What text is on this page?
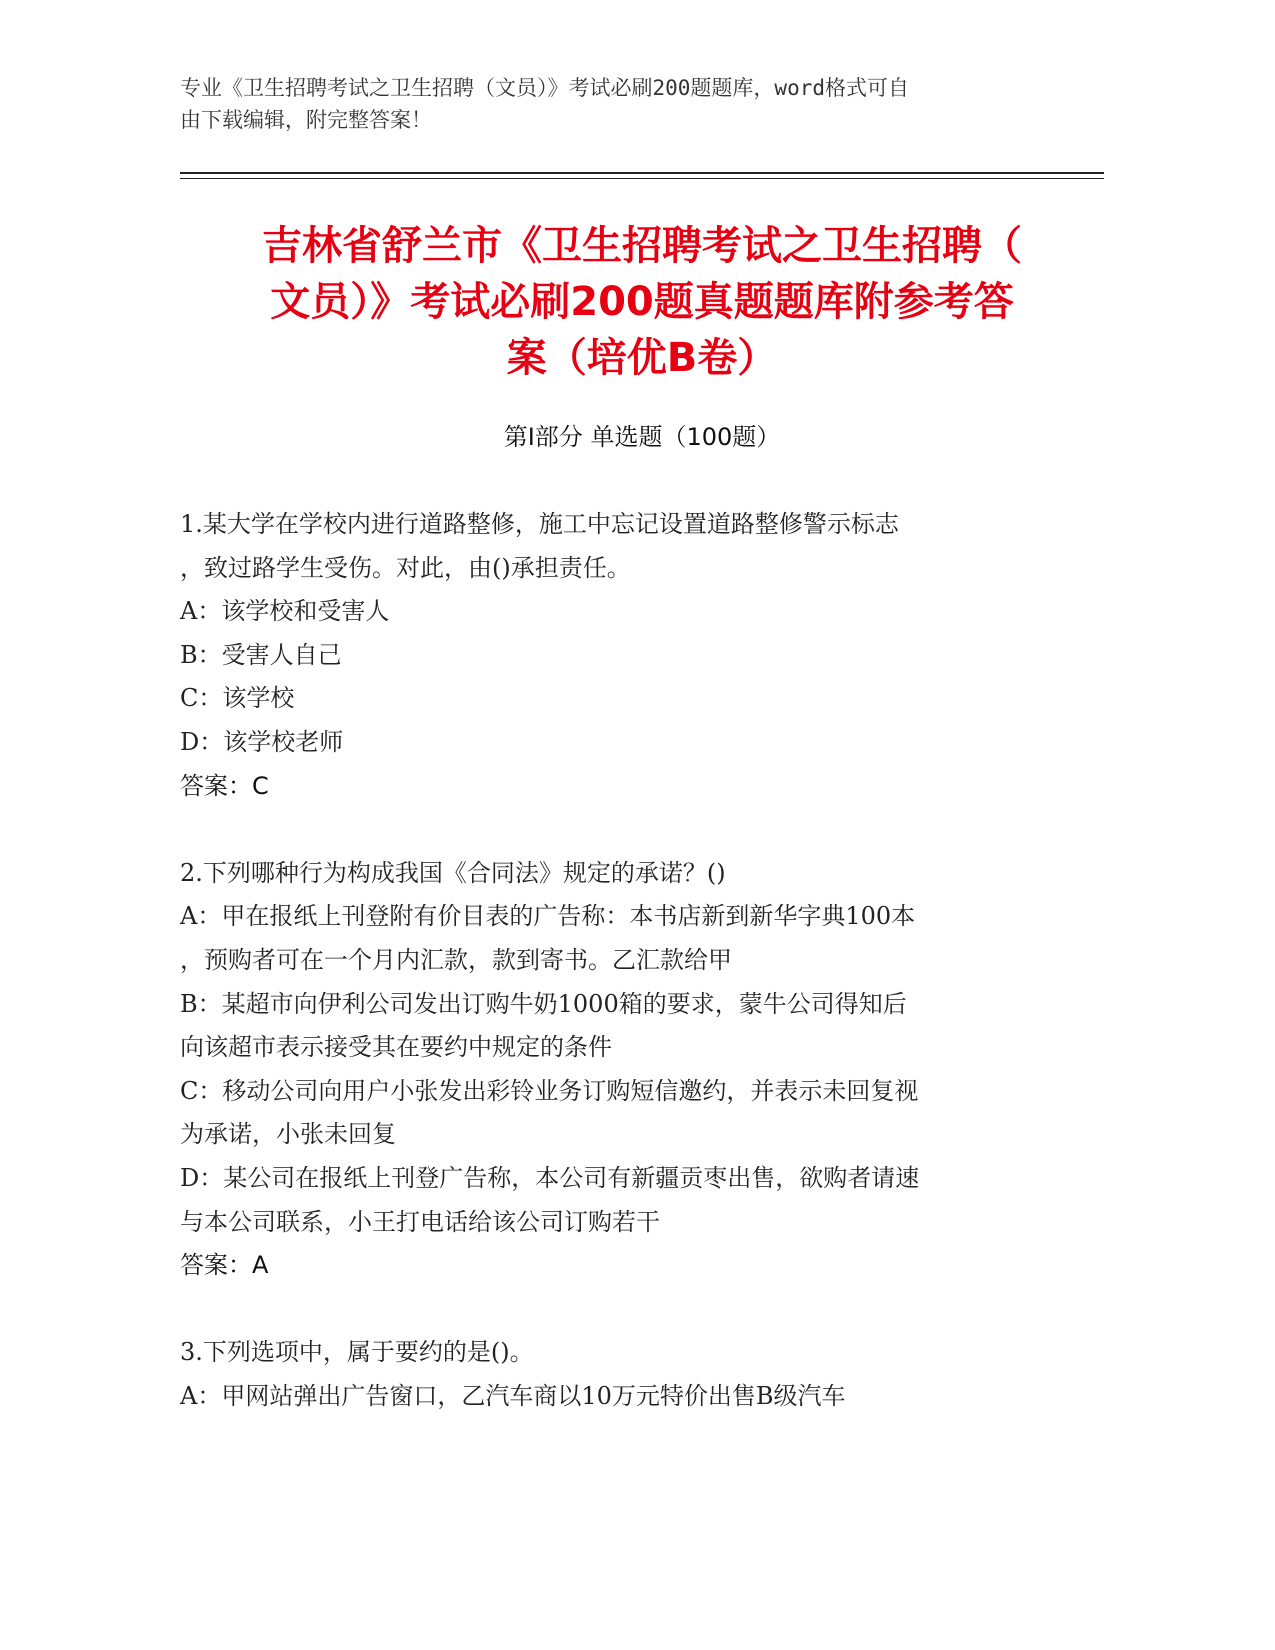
专业《卫生招聘考试之卫生招聘（文员）》考试必刷200题题库，word格式可自
由下载编辑，附完整答案！
吉林省舒兰市《卫生招聘考试之卫生招聘（
文员）》考试必刷200题真题题库附参考答
案（培优B卷）
第I部分 单选题（100题）
1.某大学在学校内进行道路整修，施工中忘记设置道路整修警示标志
，致过路学生受伤。对此，由()承担责任。
A：该学校和受害人
B：受害人自己
C：该学校
D：该学校老师
答案：C
2.下列哪种行为构成我国《合同法》规定的承诺？()
A：甲在报纸上刊登附有价目表的广告称：本书店新到新华字典100本
，预购者可在一个月内汇款，款到寄书。乙汇款给甲
B：某超市向伊利公司发出订购牛奶1000箱的要求，蒙牛公司得知后
向该超市表示接受其在要约中规定的条件
C：移动公司向用户小张发出彩铃业务订购短信邀约，并表示未回复视
为承诺，小张未回复
D：某公司在报纸上刊登广告称，本公司有新疆贡枣出售，欲购者请速
与本公司联系，小王打电话给该公司订购若干
答案：A
3.下列选项中，属于要约的是()。
A：甲网站弹出广告窗口，乙汽车商以10万元特价出售B级汽车
